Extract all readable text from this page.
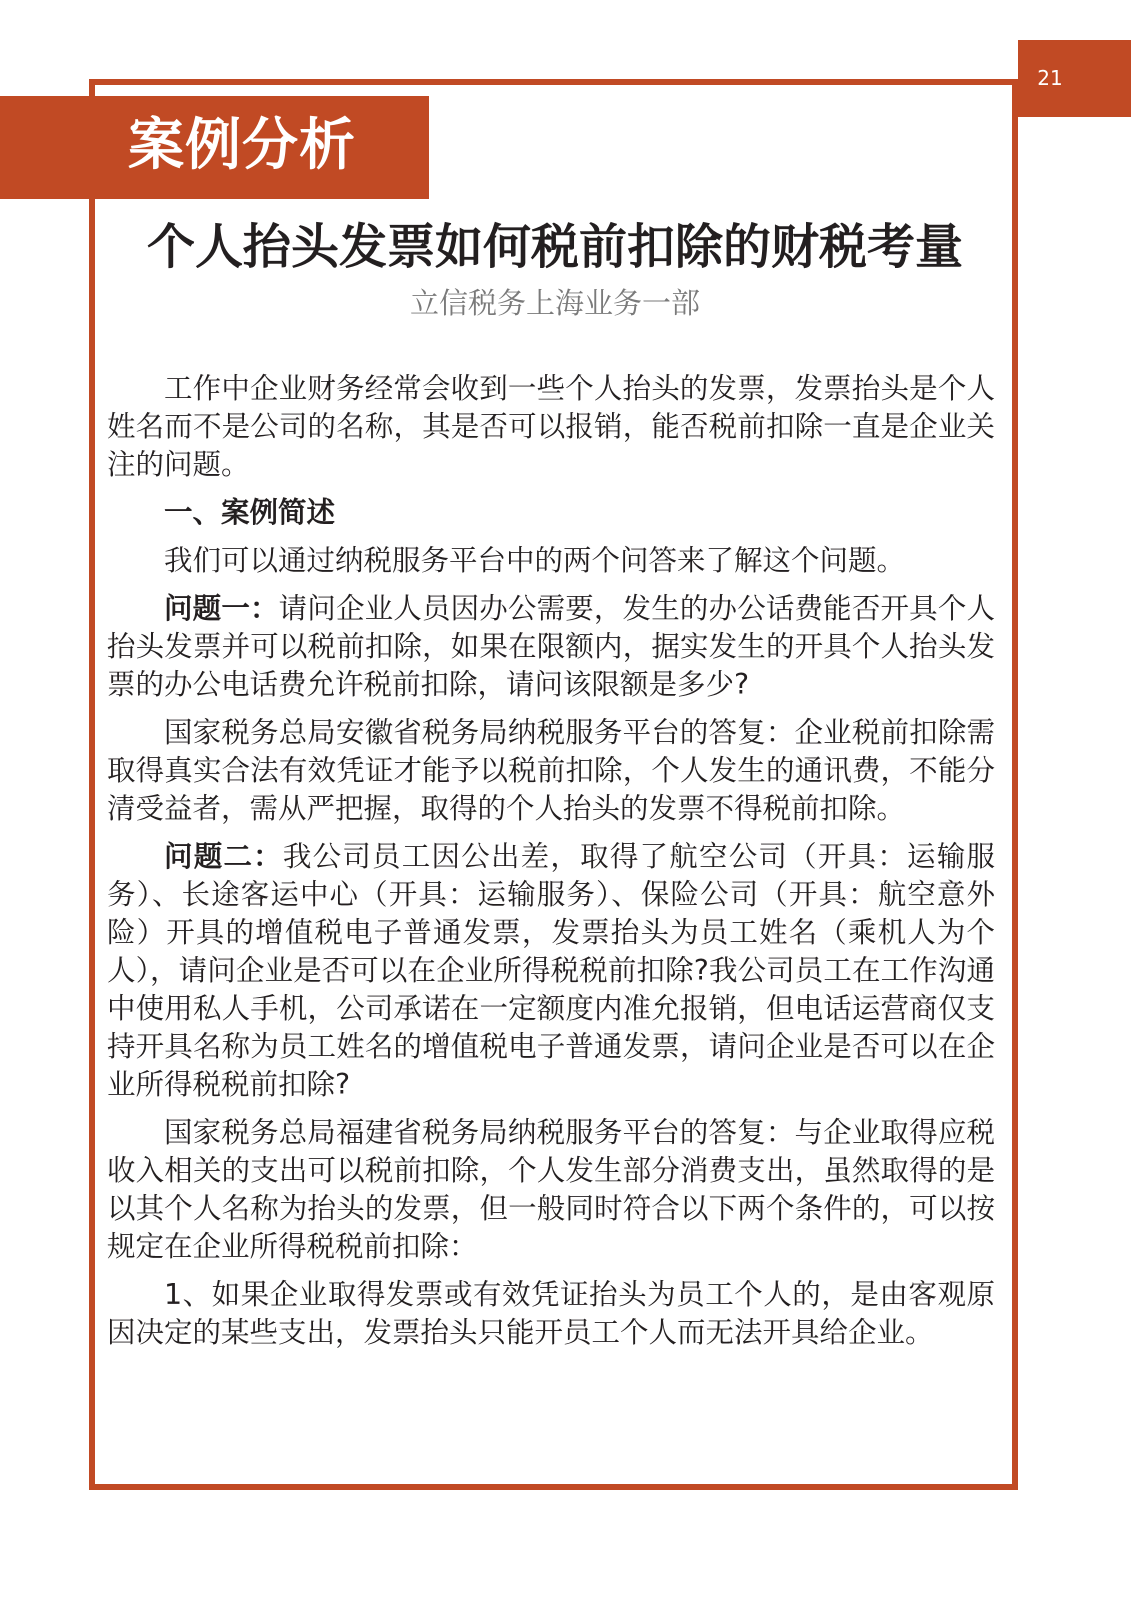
21
案例分析
个人抬头发票如何税前扣除的财税考量
立信税务上海业务一部

工作中企业财务经常会收到一些个人抬头的发票，发票抬头是个人姓名而不是公司的名称，其是否可以报销，能否税前扣除一直是企业关注的问题。

一、案例简述

我们可以通过纳税服务平台中的两个问答来了解这个问题。

问题一：请问企业人员因办公需要，发生的办公话费能否开具个人抬头发票并可以税前扣除，如果在限额内，据实发生的开具个人抬头发票的办公电话费允许税前扣除，请问该限额是多少?

国家税务总局安徽省税务局纳税服务平台的答复：企业税前扣除需取得真实合法有效凭证才能予以税前扣除，个人发生的通讯费，不能分清受益者，需从严把握，取得的个人抬头的发票不得税前扣除。

问题二：我公司员工因公出差，取得了航空公司（开具：运输服务）、长途客运中心（开具：运输服务）、保险公司（开具：航空意外险）开具的增值税电子普通发票，发票抬头为员工姓名（乘机人为个人），请问企业是否可以在企业所得税税前扣除?我公司员工在工作沟通中使用私人手机，公司承诺在一定额度内准允报销，但电话运营商仅支持开具名称为员工姓名的增值税电子普通发票，请问企业是否可以在企业所得税税前扣除?

国家税务总局福建省税务局纳税服务平台的答复：与企业取得应税收入相关的支出可以税前扣除，个人发生部分消费支出，虽然取得的是以其个人名称为抬头的发票，但一般同时符合以下两个条件的，可以按规定在企业所得税税前扣除：

1、如果企业取得发票或有效凭证抬头为员工个人的，是由客观原因决定的某些支出，发票抬头只能开员工个人而无法开具给企业。
